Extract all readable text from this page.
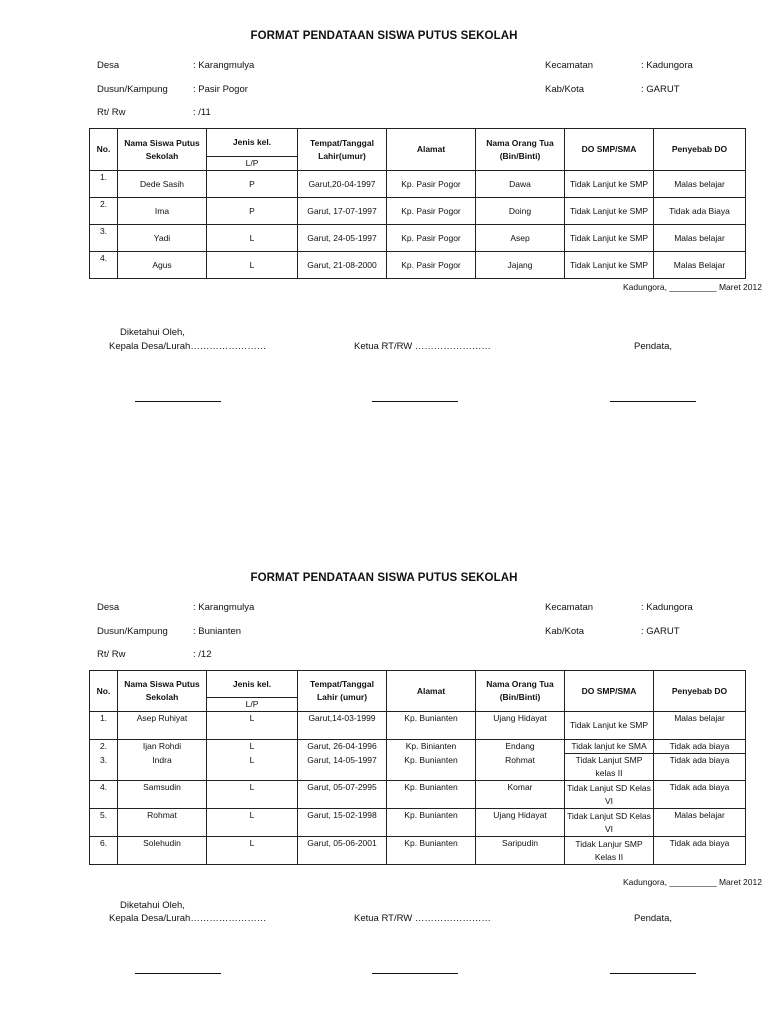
FORMAT PENDATAAN SISWA PUTUS SEKOLAH
Desa	: Karangmulya
Dusun/Kampung	: Pasir Pogor
Rt/ Rw	: /11
Kecamatan	: Kadungora
Kab/Kota	: GARUT
No.	Nama Siswa Putus Sekolah	Jenis kel.	Tempat/Tanggal Lahir(umur)	Alamat	Nama Orang Tua (Bin/Binti)	DO SMP/SMA	Penyebab DO
		L/P					
1.	Dede Sasih	P	Garut,20-04-1997	Kp. Pasir Pogor	Dawa	Tidak Lanjut ke SMP	Malas belajar
2.	Ima	P	Garut, 17-07-1997	Kp. Pasir Pogor	Doing	Tidak Lanjut ke SMP	Tidak ada Biaya
3.	Yadi	L	Garut, 24-05-1997	Kp. Pasir Pogor	Asep	Tidak Lanjut ke SMP	Malas belajar
4.	Agus	L	Garut, 21-08-2000	Kp. Pasir Pogor	Jajang	Tidak Lanjut ke SMP	Malas Belajar
Kadungora, __________ Maret 2012
Diketahui Oleh,
Kepala Desa/Lurah……………………	Ketua RT/RW ……………………	Pendata,
FORMAT PENDATAAN SISWA PUTUS SEKOLAH
Desa	: Karangmulya
Dusun/Kampung	: Bunianten
Rt/ Rw	: /12
Kecamatan	: Kadungora
Kab/Kota	: GARUT
No.	Nama Siswa Putus Sekolah	Jenis kel.	Tempat/Tanggal Lahir (umur)	Alamat	Nama Orang Tua (Bin/Binti)	DO SMP/SMA	Penyebab DO
		L/P					
1.	Asep Ruhiyat	L	Garut,14-03-1999	Kp. Bunianten	Ujang Hidayat	Tidak Lanjut ke SMP	Malas belajar
2.	Ijan Rohdi	L	Garut, 26-04-1996	Kp. Binianten	Endang	Tidak lanjut ke SMA	Tidak ada biaya
3.	Indra	L	Garut, 14-05-1997	Kp. Bunianten	Rohmat	Tidak Lanjut SMP kelas II	Tidak ada biaya
4.	Samsudin	L	Garut, 05-07-2995	Kp. Bunianten	Komar	Tidak Lanjut SD Kelas VI	Tidak ada biaya
5.	Rohmat	L	Garut, 15-02-1998	Kp. Bunianten	Ujang Hidayat	Tidak Lanjut SD Kelas VI	Malas belajar
6.	Solehudin	L	Garut, 05-06-2001	Kp. Bunianten	Saripudin	Tidak Lanjur SMP Kelas II	Tidak ada biaya
Kadungora, __________ Maret 2012
Diketahui Oleh,
Kepala Desa/Lurah……………………	Ketua RT/RW ……………………	Pendata,
